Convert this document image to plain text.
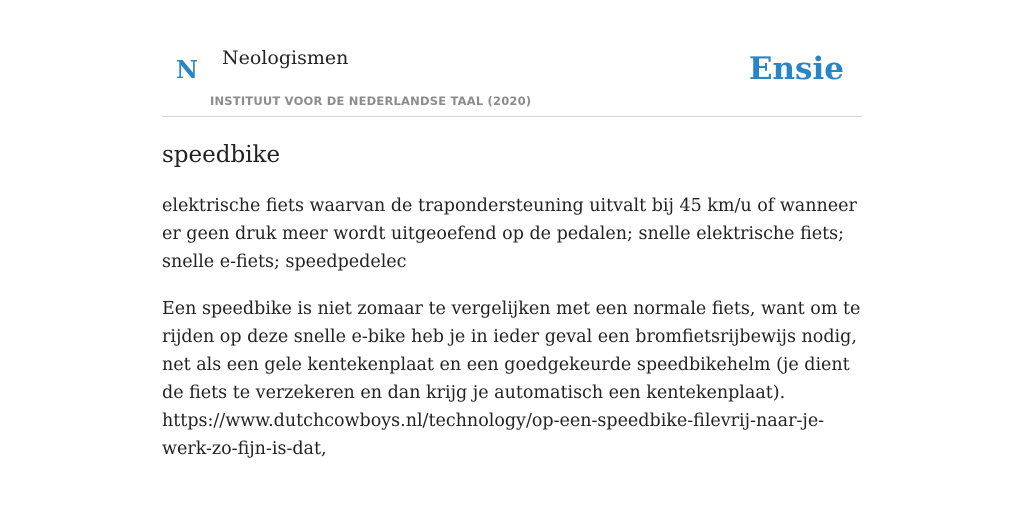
N Neologismen
INSTITUUT VOOR DE NEDERLANDSE TAAL (2020)
Ensie
speedbike
elektrische fiets waarvan de trapondersteuning uitvalt bij 45 km/u of wanneer er geen druk meer wordt uitgeoefend op de pedalen; snelle elektrische fiets; snelle e-fiets; speedpedelec
Een speedbike is niet zomaar te vergelijken met een normale fiets, want om te rijden op deze snelle e-bike heb je in ieder geval een bromfietsrijbewijs nodig, net als een gele kentekenplaat en een goedgekeurde speedbikehelm (je dient de fiets te verzekeren en dan krijg je automatisch een kentekenplaat).
https://www.dutchcowboys.nl/technology/op-een-speedbike-filevrij-naar-je-werk-zo-fijn-is-dat,
